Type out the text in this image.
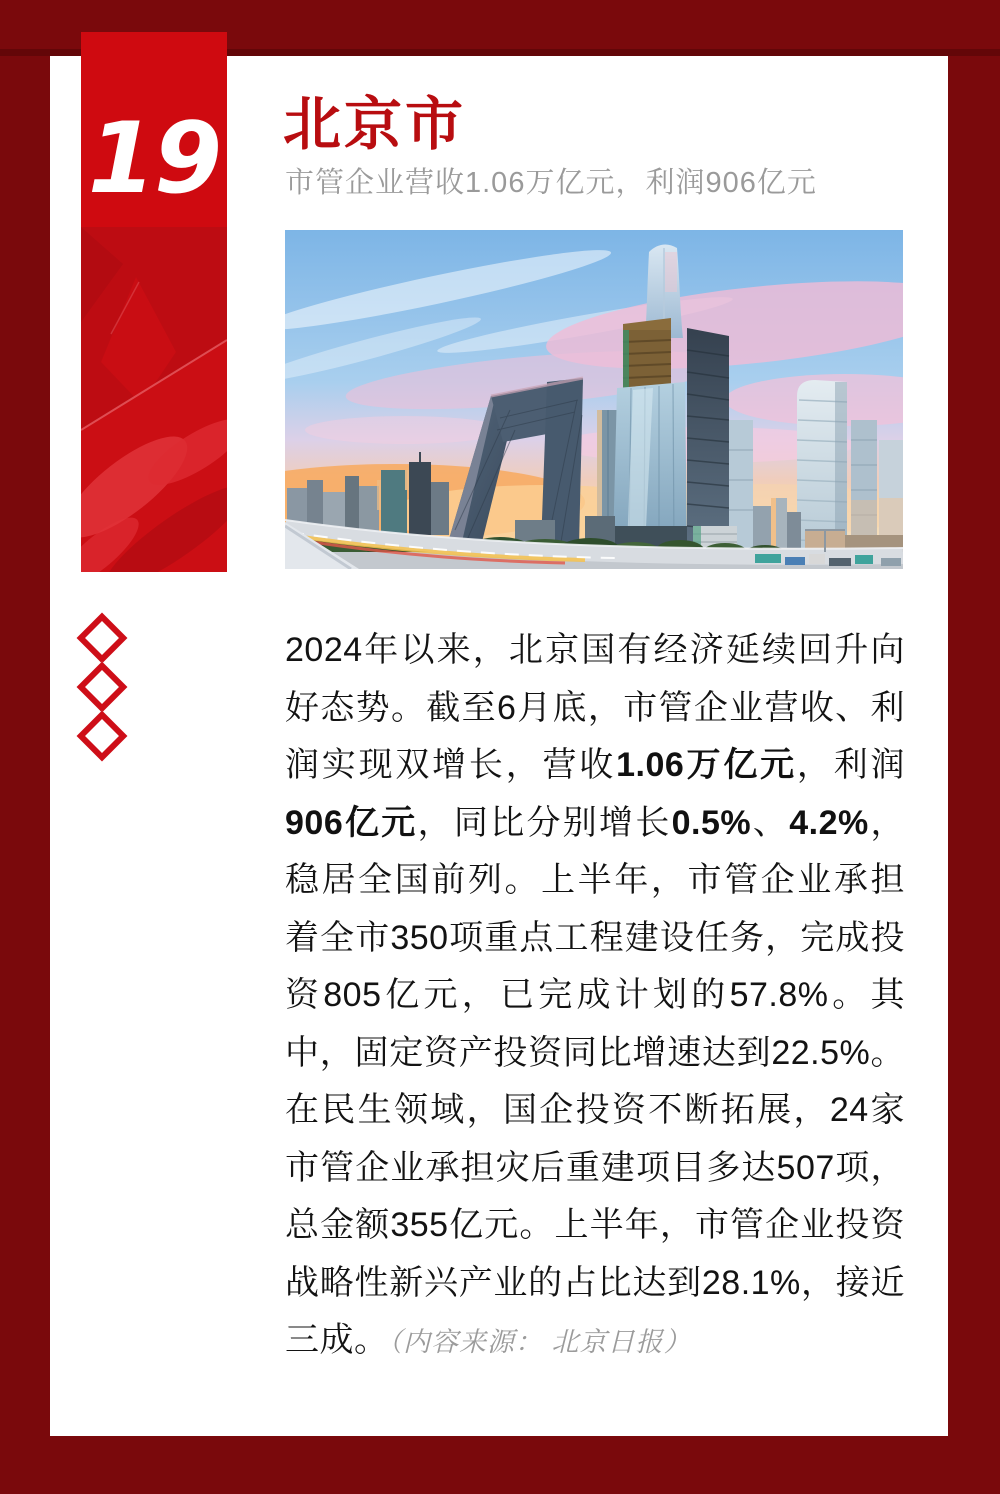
19 北京市
市管企业营收1.06万亿元，利润906亿元

2024年以来，北京国有经济延续回升向好态势。截至6月底，市管企业营收、利润实现双增长，营收1.06万亿元，利润906亿元，同比分别增长0.5%、4.2%，稳居全国前列。上半年，市管企业承担着全市350项重点工程建设任务，完成投资805亿元，已完成计划的57.8%。其中，固定资产投资同比增速达到22.5%。在民生领域，国企投资不断拓展，24家市管企业承担灾后重建项目多达507项，总金额355亿元。上半年，市管企业投资战略性新兴产业的占比达到28.1%，接近三成。（内容来源： 北京日报）
